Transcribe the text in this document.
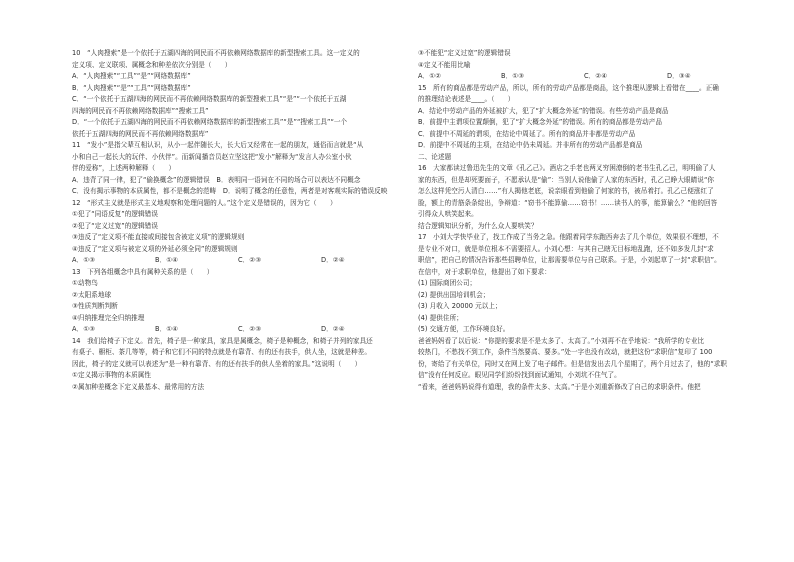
10　“人肉搜索”是一个依托于五湖四海的网民而不再依赖网络数据库的新型搜索工具。这一定义的
定义项、定义联项、属概念和种差依次分别是（　　）
A．“人肉搜索”“工具”“是”“网络数据库”
B．“人肉搜索”“是”“工具”“网络数据库”
C．“一个依托于五湖四海的网民而不再依赖网络数据库的新型搜索工具”“是”“一个依托于五湖
四海的网民而不再依赖网络数据库”“搜索工具”
D．“一个依托于五湖四海的网民而不再依赖网络数据库的新型搜索工具”“是”“搜索工具”“一个
依托于五湖四海的网民而不再依赖网络数据库”
11　“发小”是指父辈互相认识，从小一起伴随长大，长大后又经常在一起的朋友，通俗而言就是“从
小和自己一起长大的玩伴、小伙伴”。而新闻播音员赵立坚这把“发小”解释为“发言人办公室小伙
伴的爱称”，上述两种解释（　　）
A．违背了同一律，犯了“偷换概念”的逻辑错误　B．表明同一语词在不同的场合可以表达不同概念
C．没有揭示事物的本质属性，都不是概念的范畴　D．说明了概念的任意性，两者是对客观实际的错误反映
12　“形式主义就是形式主义地观察和处理问题的人。”这个定义是错误的，因为它（　　）
①犯了“同语反复”的逻辑错误
②犯了“定义过宽”的逻辑错误
③违反了“定义项不能直接或间接包含被定义项”的逻辑规则
④违反了“定义项与被定义项的外延必须全同”的逻辑规则
A．①③	B．①④	C．②③	D．②④
13　下列各组概念中具有属种关系的是（　　）
①动物鸟
②太阳系地球
③性质判断判断
④归纳推理完全归纳推理
A．①③	B．①④	C．②③	D．②④
14　我们给椅子下定义。首先，椅子是一种家具，家具是属概念，椅子是种概念，和椅子并列的家具还
有桌子、橱柜、茶几等等，椅子和它们不同的特点就是有靠背、有的还有扶手，供人坐，这就是种差。
因此，椅子的定义就可以表述为“是一种有靠背、有的还有扶手的供人坐着的家具。”这说明（　　）
①定义揭示事物的本质属性
②属加种差概念下定义最基本、最常用的方法
③不能犯“定义过宽”的逻辑错误
④定义不能用比喻
A．①②	B．①③	C．②④	D．③④
15　所有的商品都是劳动产品，所以，所有的劳动产品都是商品，这个推理从逻辑上看错在____。正确
的推理结论表述是____。（　　）
A．结论中劳动产品的外延被扩大，犯了“扩大概念外延”的错误。有些劳动产品是商品
B．前提中主谓项位置颠倒，犯了“扩大概念外延”的错误。所有的商品都是劳动产品
C．前提中不周延的谓项，在结论中周延了。所有的商品并非都是劳动产品
D．前提中不周延的主项，在结论中仍未周延。并非所有的劳动产品都是商品
二、论述题
16　大家都读过鲁迅先生的文章《孔乙己》。酒店之手老也两叉穷困潦倒的老书生孔乙己，明明偷了人
家的东西，但是却死要面子，不愿承认是“偷”：当别人说他偷了人家的东西时，孔乙己睁大眼睛说“你
怎么这样凭空污人清白……”有人揭他老底，说亲眼看到他偷了何家的书，被吊着打。孔乙己便涨红了
脸，额上的青筋条条绽出，争辩道：“窃书不能算偷……窃书！……读书人的事，能算偷么？”他的回答
引得众人哄笑起来。
结合逻辑知识分析，为什么众人要哄笑？
17　小刘大学快毕业了，找工作成了当务之急。他跟着同学东跑西奔去了几个单位，效果很不理想，不
是专业不对口，就是单位根本不需要招人。小刘心想：与其自己瞎无目标地乱跑，还不如多发几封“求
职信”，把自己的情况告诉那些招聘单位，让那需要单位与自己联系。于是，小刘起草了一封“求职信”。
在信中，对于求职单位，他提出了如下要求：
(1) 国际商团公司；
(2) 提供出国培训机会；
(3) 月收入 20000 元以上；
(4) 提供住所；
(5) 交通方便，工作环境良好。
爸爸妈妈看了以后说：“你提的要求是不是太多了、太高了。”小刘再不在乎地说：“我所学的专业比
较热门，不愁找不到工作，条件当然要高、要多。”处一字也没有改动，就把这份“求职信”复印了 100
份，寄给了有关单位，同时又在网上发了电子邮件。但是信发出去几个星期了，两个月过去了，他的“求职
信”没有任何反应。眼见同学们纷纷找到面试通知，小刘坑不住气了。
“看来，爸爸妈妈说得有道理，我的条件太多、太高。”于是小刘重新修改了自己的求职条件。他把
